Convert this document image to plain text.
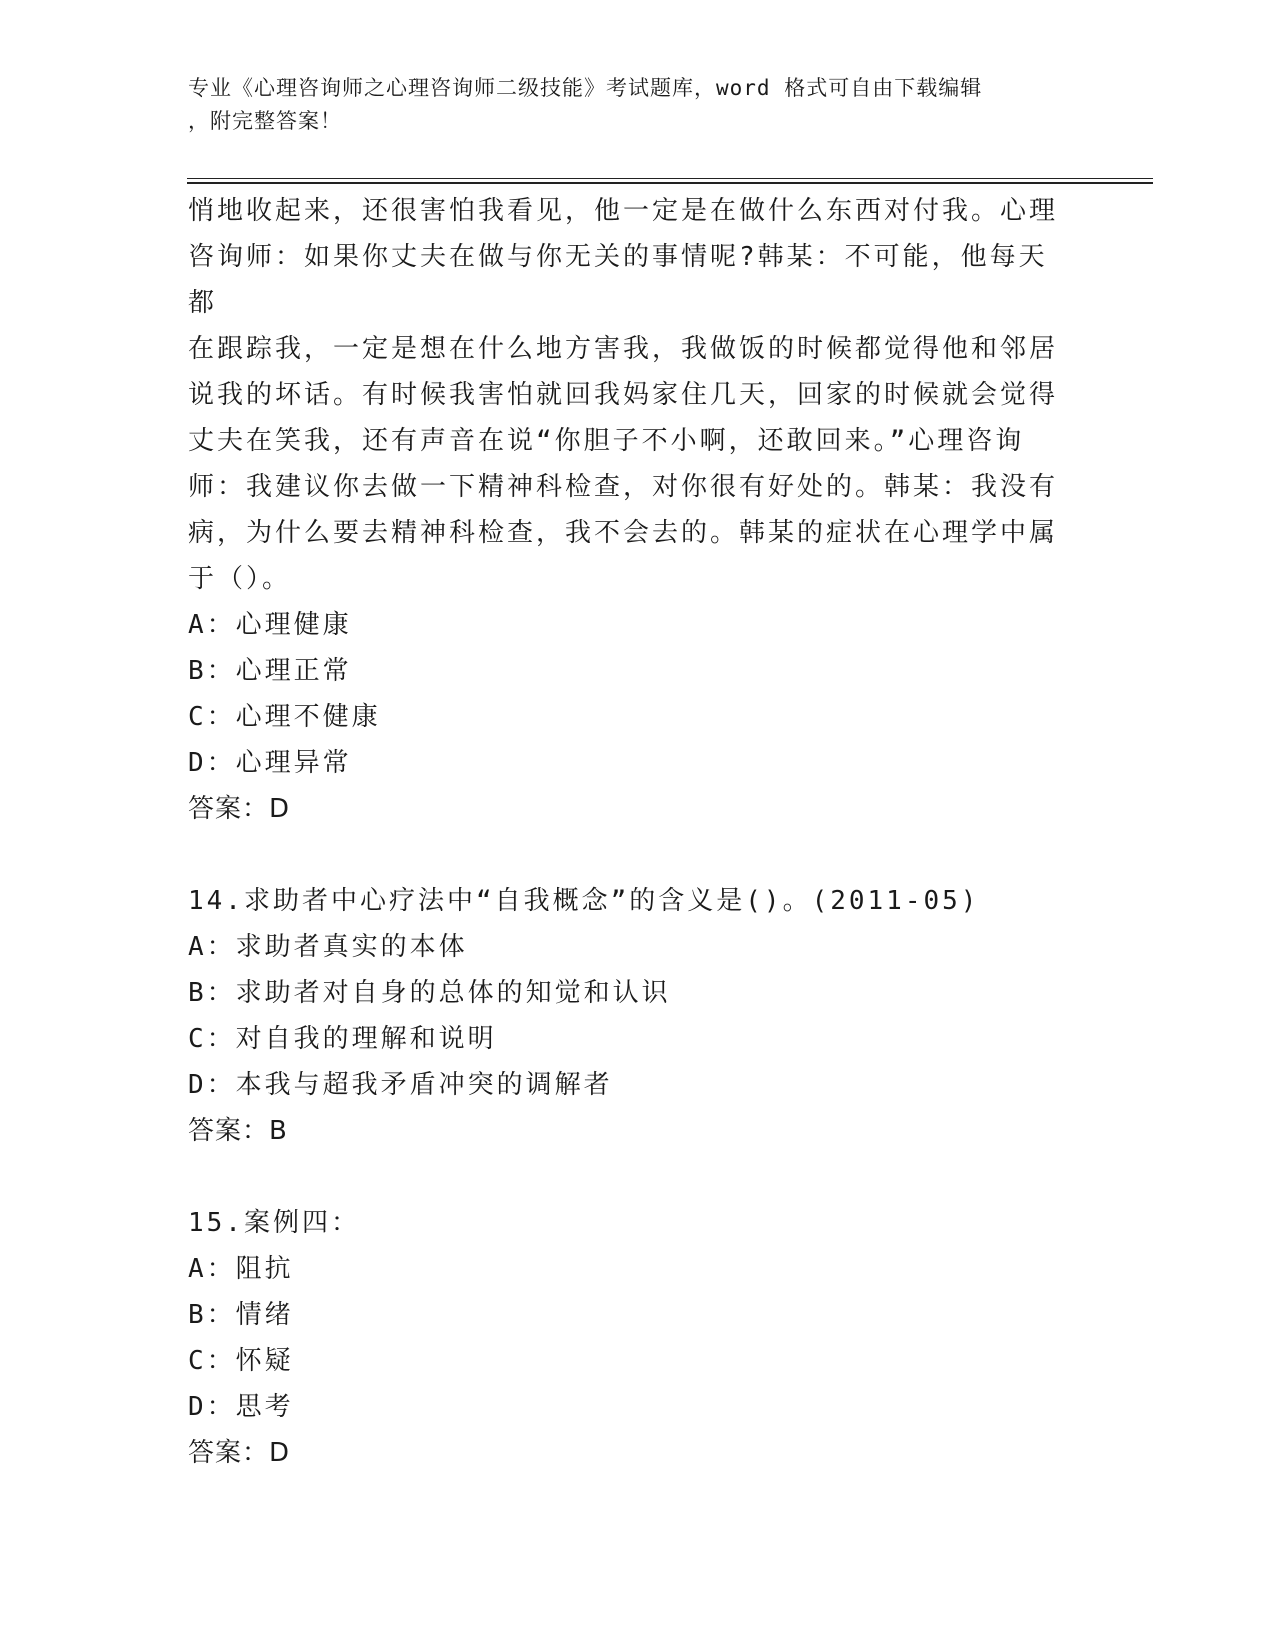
专业《心理咨询师之心理咨询师二级技能》考试题库，word 格式可自由下载编辑
，附完整答案！

悄地收起来，还很害怕我看见，他一定是在做什么东西对付我。心理

咨询师：如果你丈夫在做与你无关的事情呢?韩某：不可能，他每天都

在跟踪我，一定是想在什么地方害我，我做饭的时候都觉得他和邻居

说我的坏话。有时候我害怕就回我妈家住几天，回家的时候就会觉得

丈夫在笑我，还有声音在说“你胆子不小啊，还敢回来。”心理咨询

师：我建议你去做一下精神科检查，对你很有好处的。韩某：我没有

病，为什么要去精神科检查，我不会去的。韩某的症状在心理学中属

于（）。

A：心理健康

B：心理正常

C：心理不健康

D：心理异常

答案：D

14.求助者中心疗法中“自我概念”的含义是()。(2011-05)

A：求助者真实的本体

B：求助者对自身的总体的知觉和认识

C：对自我的理解和说明

D：本我与超我矛盾冲突的调解者

答案：B

15.案例四：

A：阻抗

B：情绪

C：怀疑

D：思考

答案：D
